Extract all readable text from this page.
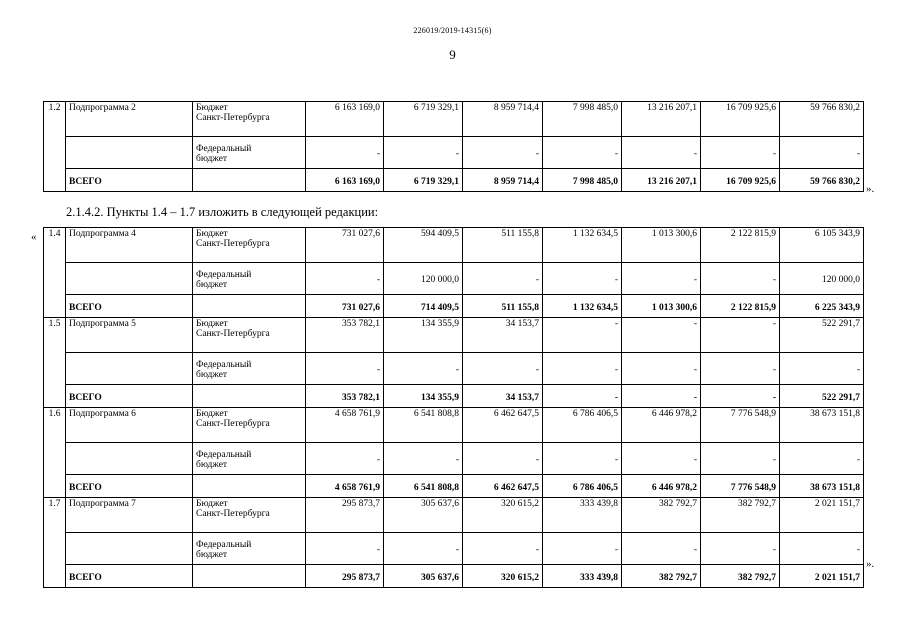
226019/2019-14315(6)
9
1.2	Подпрограмма 2	Бюджет
Санкт-Петербурга	6 163 169,0	6 719 329,1	8 959 714,4	7 998 485,0	13 216 207,1	16 709 925,6	59 766 830,2
		Федеральный
бюджет	-	-	-	-	-	-	-
	ВСЕГО		6 163 169,0	6 719 329,1	8 959 714,4	7 998 485,0	13 216 207,1	16 709 925,6	59 766 830,2
».
2.1.4.2. Пункты 1.4 – 1.7 изложить в следующей редакции:
« 1.4	Подпрограмма 4	Бюджет
Санкт-Петербурга	731 027,6	594 409,5	511 155,8	1 132 634,5	1 013 300,6	2 122 815,9	6 105 343,9
		Федеральный
бюджет	-	120 000,0	-	-	-	-	120 000,0
	ВСЕГО		731 027,6	714 409,5	511 155,8	1 132 634,5	1 013 300,6	2 122 815,9	6 225 343,9
1.5	Подпрограмма 5	Бюджет
Санкт-Петербурга	353 782,1	134 355,9	34 153,7	-	-	-	522 291,7
		Федеральный
бюджет	-	-	-	-	-	-	-
	ВСЕГО		353 782,1	134 355,9	34 153,7	-	-	-	522 291,7
1.6	Подпрограмма 6	Бюджет
Санкт-Петербурга	4 658 761,9	6 541 808,8	6 462 647,5	6 786 406,5	6 446 978,2	7 776 548,9	38 673 151,8
		Федеральный
бюджет	-	-	-	-	-	-	-
	ВСЕГО		4 658 761,9	6 541 808,8	6 462 647,5	6 786 406,5	6 446 978,2	7 776 548,9	38 673 151,8
1.7	Подпрограмма 7	Бюджет
Санкт-Петербурга	295 873,7	305 637,6	320 615,2	333 439,8	382 792,7	382 792,7	2 021 151,7
		Федеральный
бюджет	-	-	-	-	-	-	-
	ВСЕГО		295 873,7	305 637,6	320 615,2	333 439,8	382 792,7	382 792,7	2 021 151,7
».
